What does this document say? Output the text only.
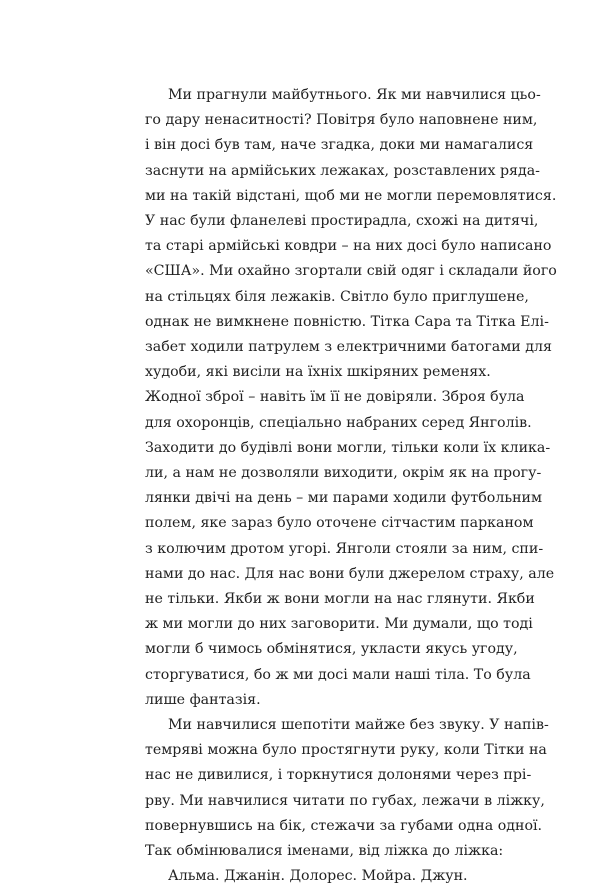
Ми прагнули майбутнього. Як ми навчилися цьо-
го дару ненаситності? Повітря було наповнене ним,
і він досі був там, наче згадка, доки ми намагалися
заснути на армійських лежаках, розставлених ряда-
ми на такій відстані, щоб ми не могли перемовлятися.
У нас були фланелеві простирадла, схожі на дитячі,
та старі армійські ковдри – на них досі було написано
«США». Ми охайно згортали свій одяг і складали його
на стільцях біля лежаків. Світло було приглушене,
однак не вимкнене повністю. Тітка Сара та Тітка Елі-
забет ходили патрулем з електричними батогами для
худоби, які висіли на їхніх шкіряних ременях.

Жодної зброї – навіть їм її не довіряли. Зброя була
для охоронців, спеціально набраних серед Янголів.
Заходити до будівлі вони могли, тільки коли їх кликa-
ли, а нам не дозволяли виходити, окрім як на прогу-
лянки двічі на день – ми парами ходили футбольним
полем, яке зараз було оточене сітчастим парканом
з колючим дротом угорі. Янголи стояли за ним, спи-
нами до нас. Для нас вони були джерелом страху, але
не тільки. Якби ж вони могли на нас глянути. Якби
ж ми могли до них заговорити. Ми думали, що тоді
могли б чимось обмінятися, укласти якусь угоду,
сторгуватися, бо ж ми досі мали наші тіла. То була
лише фантазія.

Ми навчилися шепотіти майже без звуку. У напів-
темряві можна було простягнути руку, коли Тітки на
нас не дивилися, і торкнутися долонями через прі-
рву. Ми навчилися читати по губах, лежачи в ліжку,
повернувшись на бік, стежачи за губами одна одної.
Так обмінювалися іменами, від ліжка до ліжка:

Альма. Джанін. Долорес. Мойра. Джун.
